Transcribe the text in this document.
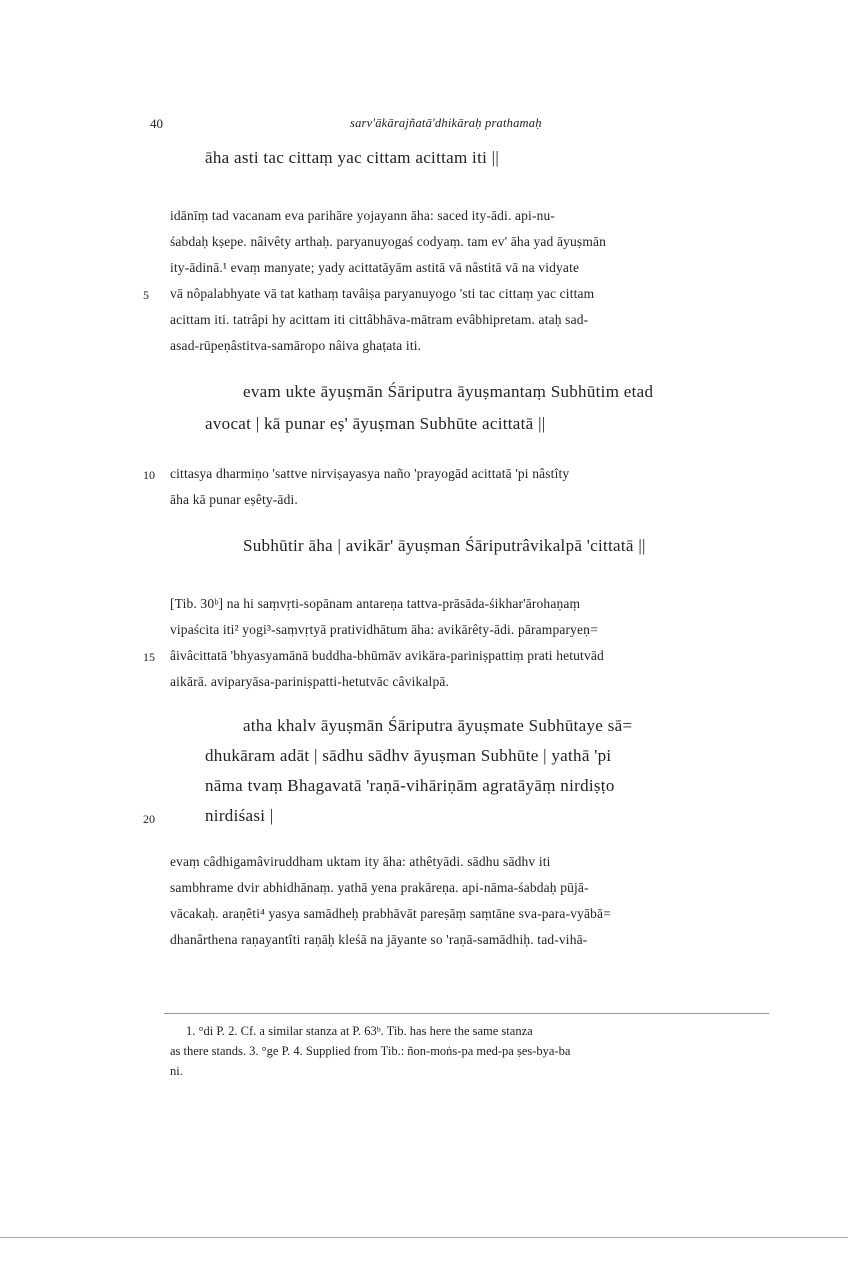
40	sarv'ākārajñatā'dhikāraḥ prathamaḥ
āha asti tac cittaṃ yac cittam acittam iti ||
idānīṃ tad vacanam eva parihāre yojayann āha: saced ity-ādi. api-nu-
śabdaḥ kṣepe. nâivêty arthaḥ. paryanuyogaś codyaṃ. tam ev' āha yad āyuṣmān
ity-ādinā.¹ evaṃ manyate; yady acittatāyām astitā vā nâstitā vā na vidyate
vā nôpalabhyate vā tat kathaṃ tavâiṣa paryanuyogo 'sti tac cittaṃ yac cittam
acittam iti. tatrâpi hy acittam iti cittâbhāva-mātram evâbhipretam. ataḥ sad-
asad-rūpeṇâstitva-samāropo nâiva ghaṭata iti.
5
evam ukte āyuṣmān Śāriputra āyuṣmantaṃ Subhūtim etad
avocat | kā punar eṣ' āyuṣman Subhūte acittatā ||
cittasya dharmiṇo 'sattve nirviṣayasya naño 'prayogād acittatā 'pi nâstîty
āha kā punar eṣêty-ādi.
10
Subhūtir āha | avikār' āyuṣman Śāriputrâvikalpā 'cittatā ||
[Tib. 30ᵇ] na hi saṃvṛti-sopānam antareṇa tattva-prāsāda-śikhar'ārohaṇaṃ
vipaścita iti² yogi³-saṃvṛtyā pratividhātum āha: avikārêty-ādi. pāramparyeṇ=
âivâcittatā 'bhyasyamānā buddha-bhūmāv avikāra-pariniṣpattiṃ prati hetutvād
aikārā. aviparyāsa-pariniṣpatti-hetutvāc câvikalpā.
15
atha khalv āyuṣmān Śāriputra āyuṣmate Subhūtaye sā=
dhukāram adāt | sādhu sādhv āyuṣman Subhūte | yathā 'pi
nāma tvaṃ Bhagavatā 'raṇā-vihāriṇām agratāyāṃ nirdiṣṭo
nirdiśasi |
20
evaṃ câdhigamâviruddham uktam ity āha: athêtyādi. sādhu sādhv iti
sambhrame dvir abhidhānaṃ. yathā yena prakāreṇa. api-nāma-śabdaḥ pūjā-
vācakaḥ. araṇêti⁴ yasya samādheḥ prabhāvāt pareṣāṃ saṃtāne sva-para-vyābā=
dhanârthena raṇayantîti raṇāḥ kleśā na jāyante so 'raṇā-samādhiḥ. tad-vihā-
1. °di P. 2. Cf. a similar stanza at P. 63ᵇ. Tib. has here the same stanza
as there stands. 3. °ge P. 4. Supplied from Tib.: ñon-moṅs-pa med-pa ṣes-bya-ba
ni.
